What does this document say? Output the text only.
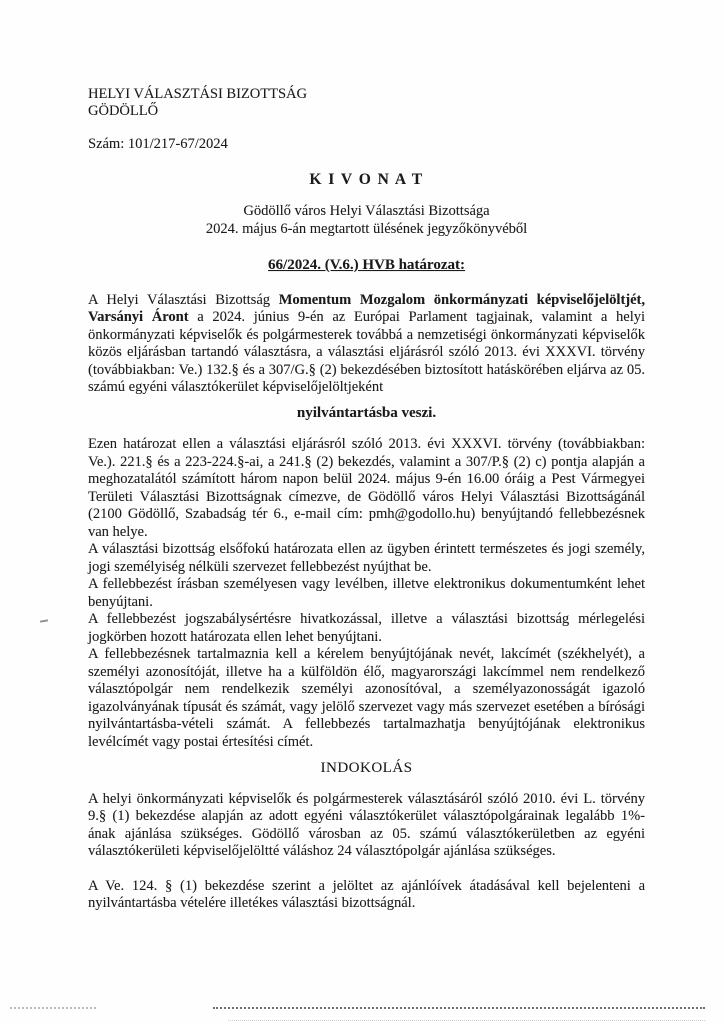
HELYI VÁLASZTÁSI BIZOTTSÁG
GÖDÖLLŐ
Szám: 101/217-67/2024
K I V O N A T
Gödöllő város Helyi Választási Bizottsága
2024. május 6-án megtartott ülésének jegyzőkönyvéből
66/2024. (V.6.) HVB határozat:

A Helyi Választási Bizottság Momentum Mozgalom önkormányzati képviselőjelöltjét, Varsányi Áront a 2024. június 9-én az Európai Parlament tagjainak, valamint a helyi önkormányzati képviselők és polgármesterek továbbá a nemzetiségi önkormányzati képviselők közös eljárásban tartandó választásra, a választási eljárásról szóló 2013. évi XXXVI. törvény (továbbiakban: Ve.) 132.§ és a 307/G.§ (2) bekezdésében biztosított hatáskörében eljárva az 05. számú egyéni választókerület képviselőjelöltjeként

nyilvántartásba veszi.

Ezen határozat ellen a választási eljárásról szóló 2013. évi XXXVI. törvény (továbbiakban: Ve.). 221.§ és a 223-224.§-ai, a 241.§ (2) bekezdés, valamint a 307/P.§ (2) c) pontja alapján a meghozatalától számított három napon belül 2024. május 9-én 16.00 óráig a Pest Vármegyei Területi Választási Bizottságnak címezve, de Gödöllő város Helyi Választási Bizottságánál (2100 Gödöllő, Szabadság tér 6., e-mail cím: pmh@godollo.hu) benyújtandó fellebbezésnek van helye.

A választási bizottság elsőfokú határozata ellen az ügyben érintett természetes és jogi személy, jogi személyiség nélküli szervezet fellebbezést nyújthat be.

A fellebbezést írásban személyesen vagy levélben, illetve elektronikus dokumentumként lehet benyújtani.

A fellebbezést jogszabálysértésre hivatkozással, illetve a választási bizottság mérlegelési jogkörben hozott határozata ellen lehet benyújtani.

A fellebbezésnek tartalmaznia kell a kérelem benyújtójának nevét, lakcímét (székhelyét), a személyi azonosítóját, illetve ha a külföldön élő, magyarországi lakcímmel nem rendelkező választópolgár nem rendelkezik személyi azonosítóval, a személyazonosságát igazoló igazolványának típusát és számát, vagy jelölő szervezet vagy más szervezet esetében a bírósági nyilvántartásba-vételi számát. A fellebbezés tartalmazhatja benyújtójának elektronikus levélcímét vagy postai értesítési címét.

INDOKOLÁS

A helyi önkormányzati képviselők és polgármesterek választásáról szóló 2010. évi L. törvény 9.§ (1) bekezdése alapján az adott egyéni választókerület választópolgárainak legalább 1%-ának ajánlása szükséges. Gödöllő városban az 05. számú választókerületben az egyéni választókerületi képviselőjelöltté váláshoz 24 választópolgár ajánlása szükséges.

A Ve. 124. § (1) bekezdése szerint a jelöltet az ajánlóívek átadásával kell bejelenteni a nyilvántartásba vételére illetékes választási bizottságnál.
